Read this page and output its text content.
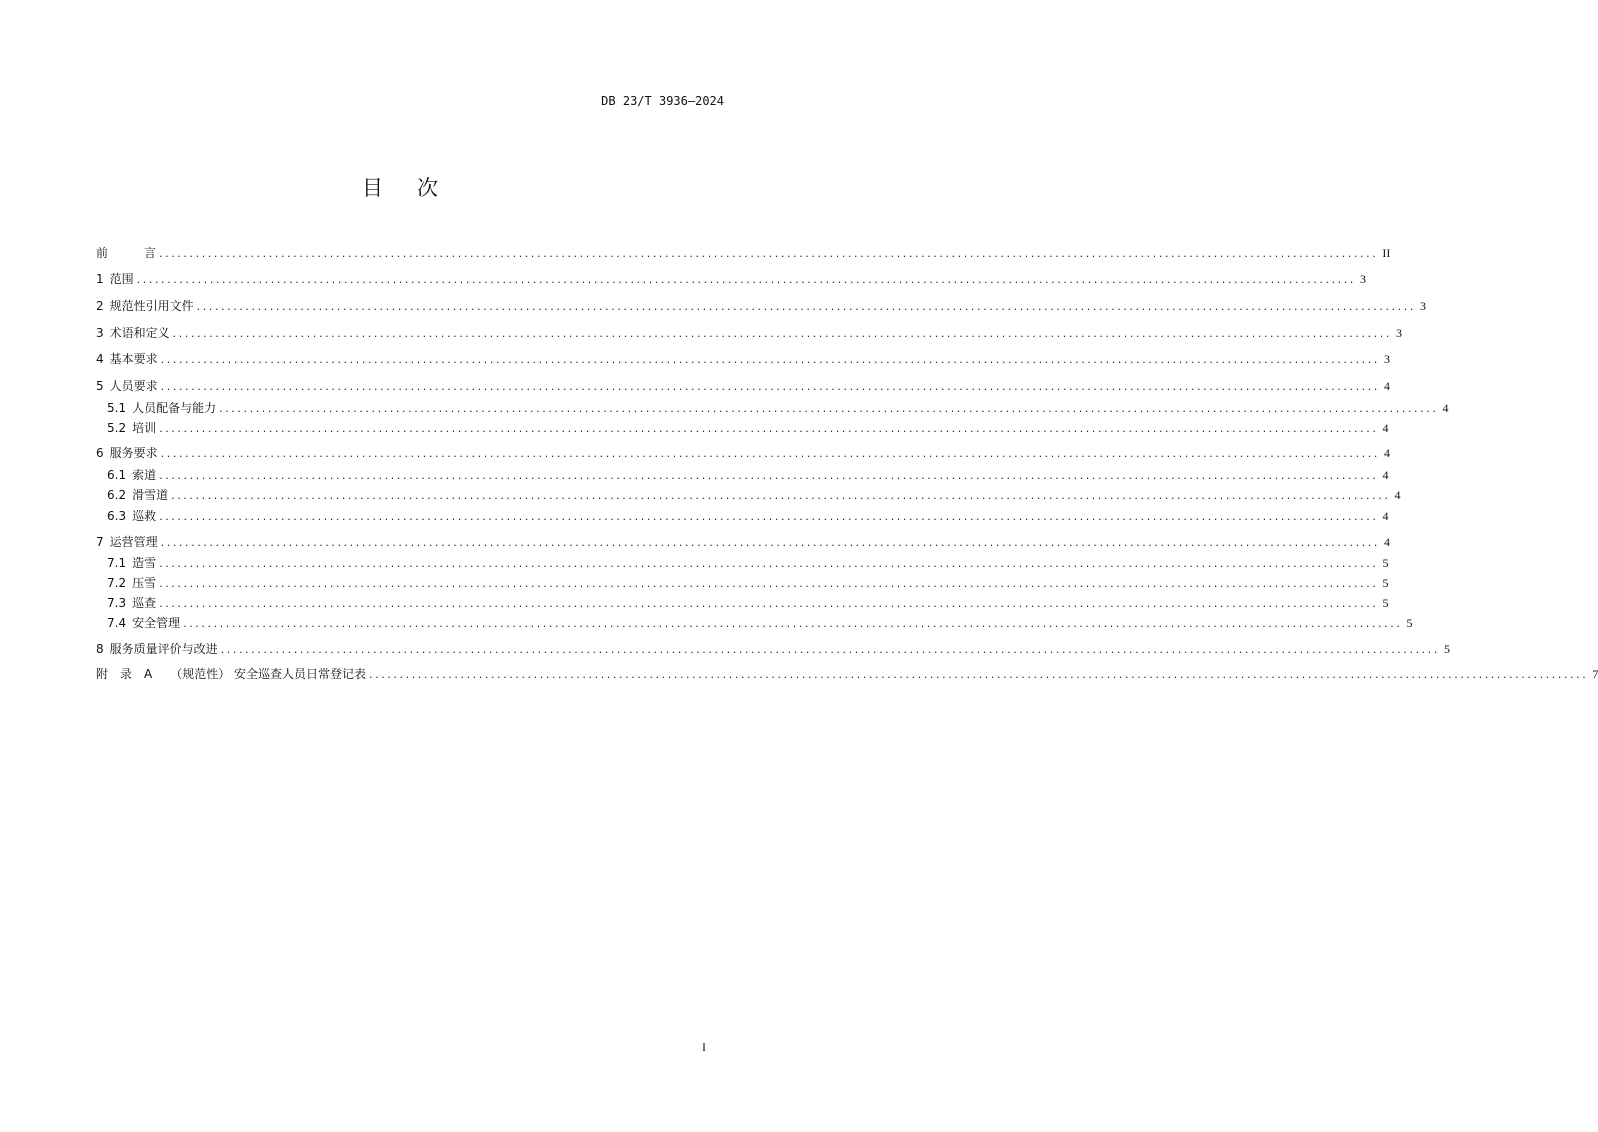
DB 23/T 3936—2024
目次
前　　　言 ........................................................................................................................................................................................................ II
1 范围 ........................................................................................................................................................................................................ 3
2 规范性引用文件 ........................................................................................................................................................................................................ 3
3 术语和定义 ........................................................................................................................................................................................................ 3
4 基本要求 ........................................................................................................................................................................................................ 3
5 人员要求 ........................................................................................................................................................................................................ 4
5.1 人员配备与能力 ........................................................................................................................................................................................................ 4
5.2 培训 ........................................................................................................................................................................................................ 4
6 服务要求 ........................................................................................................................................................................................................ 4
6.1 索道 ........................................................................................................................................................................................................ 4
6.2 滑雪道 ........................................................................................................................................................................................................ 4
6.3 巡救 ........................................................................................................................................................................................................ 4
7 运营管理 ........................................................................................................................................................................................................ 4
7.1 造雪 ........................................................................................................................................................................................................ 5
7.2 压雪 ........................................................................................................................................................................................................ 5
7.3 巡查 ........................................................................................................................................................................................................ 5
7.4 安全管理 ........................................................................................................................................................................................................ 5
8 服务质量评价与改进 ........................................................................................................................................................................................................ 5
附　录　A　　（规范性） 安全巡查人员日常登记表 ........................................................................................................................................................................................................ 7
I
